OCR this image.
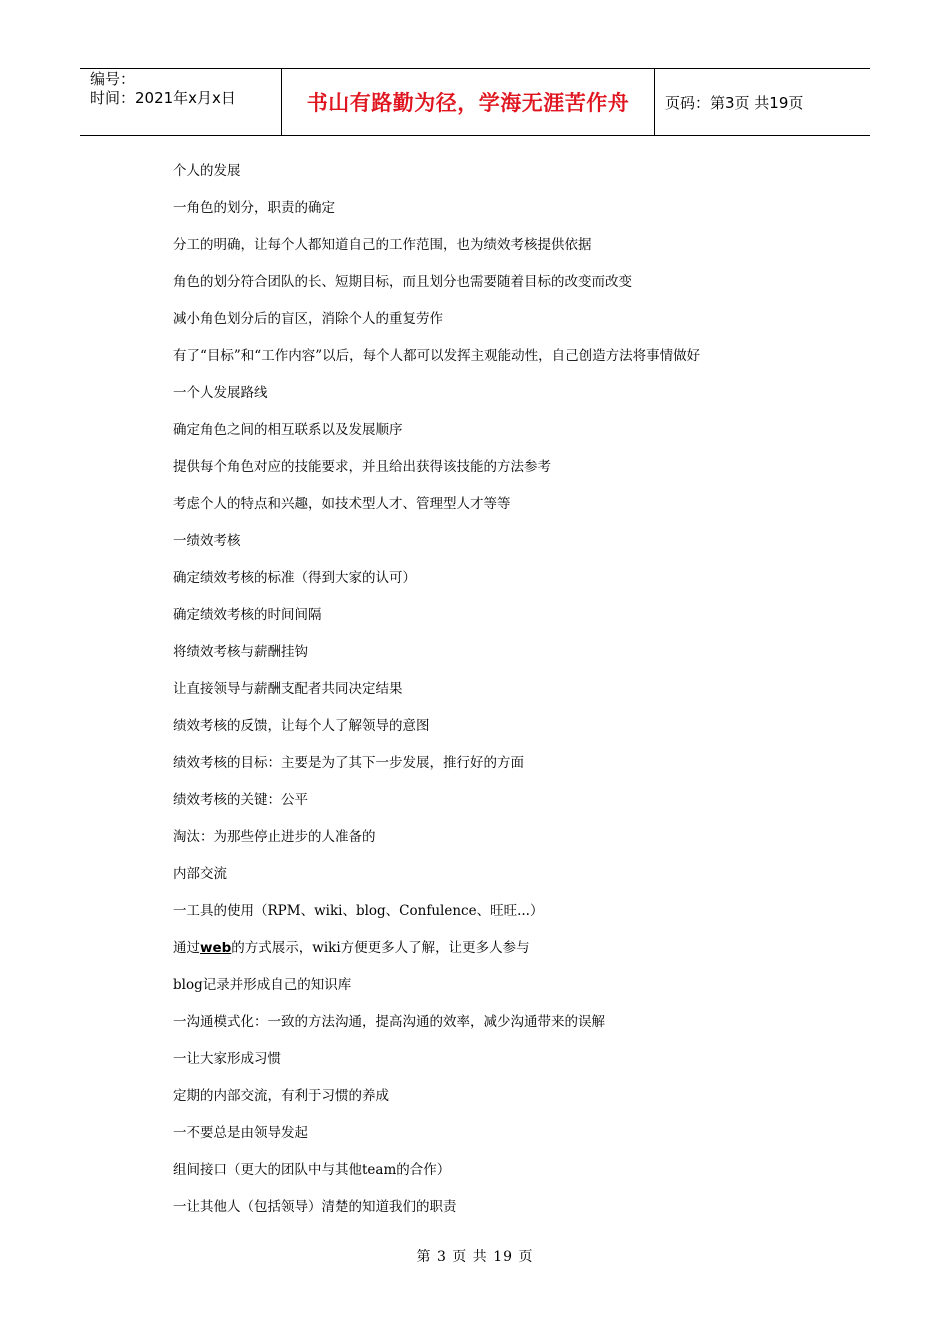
编号：
时间：2021年x月x日	书山有路勤为径，学海无涯苦作舟	页码：第3页 共19页
个人的发展
一角色的划分，职责的确定
分工的明确，让每个人都知道自己的工作范围，也为绩效考核提供依据
角色的划分符合团队的长、短期目标，而且划分也需要随着目标的改变而改变
减小角色划分后的盲区，消除个人的重复劳作
有了“目标”和“工作内容”以后，每个人都可以发挥主观能动性，自己创造方法将事情做好
一个人发展路线
确定角色之间的相互联系以及发展顺序
提供每个角色对应的技能要求，并且给出获得该技能的方法参考
考虑个人的特点和兴趣，如技术型人才、管理型人才等等
一绩效考核
确定绩效考核的标准（得到大家的认可）
确定绩效考核的时间间隔
将绩效考核与薪酬挂钩
让直接领导与薪酬支配者共同决定结果
绩效考核的反馈，让每个人了解领导的意图
绩效考核的目标：主要是为了其下一步发展，推行好的方面
绩效考核的关键：公平
淘汰：为那些停止进步的人准备的
内部交流
一工具的使用（RPM、wiki、blog、Confulence、旺旺...）
通过web的方式展示，wiki方便更多人了解，让更多人参与
blog记录并形成自己的知识库
一沟通模式化：一致的方法沟通，提高沟通的效率，减少沟通带来的误解
一让大家形成习惯
定期的内部交流，有利于习惯的养成
一不要总是由领导发起
组间接口（更大的团队中与其他team的合作）
一让其他人（包括领导）清楚的知道我们的职责
第 3 页 共 19 页
